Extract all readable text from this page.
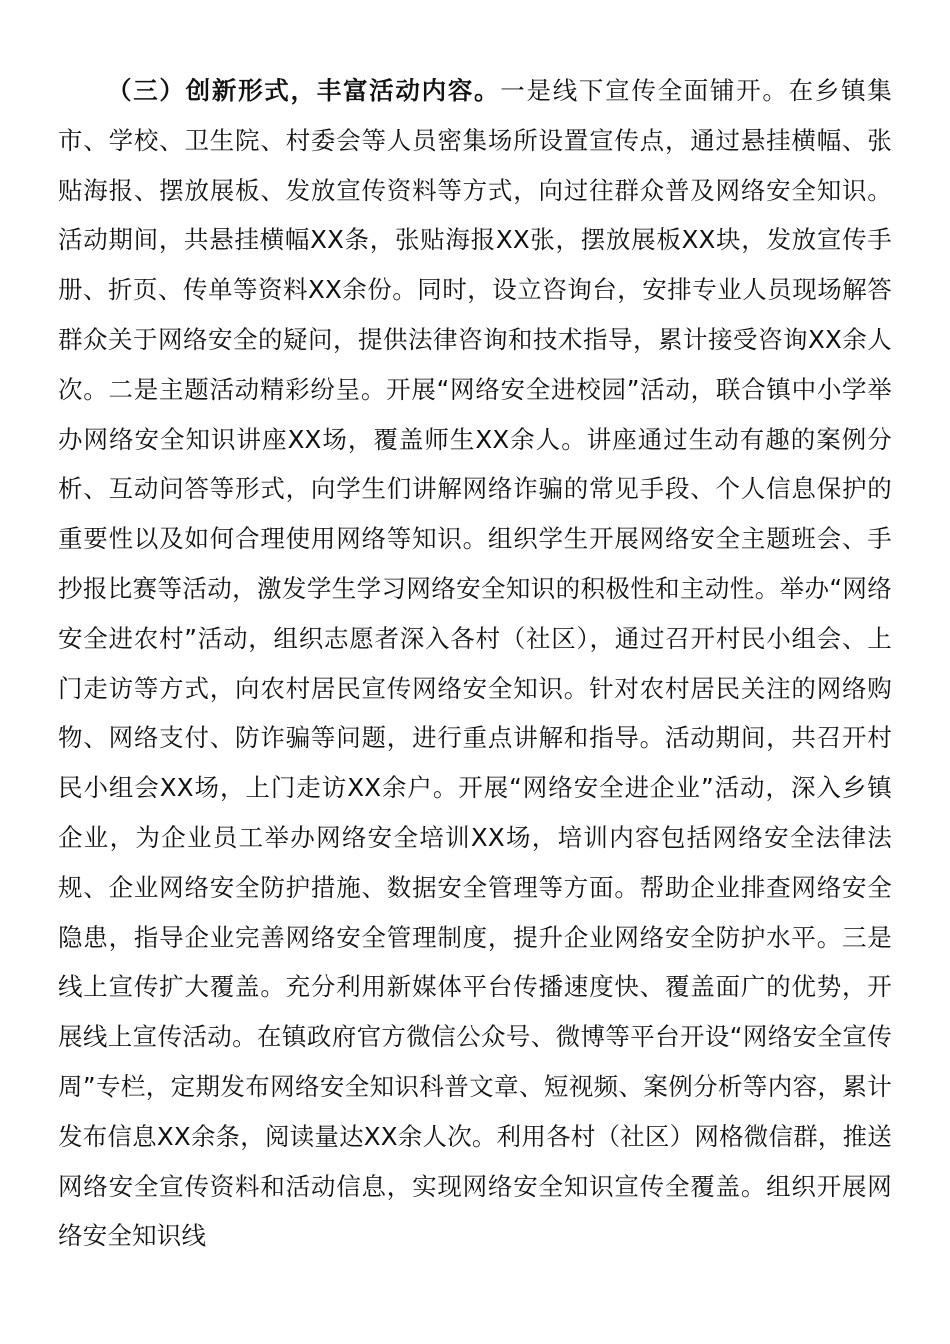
（三）创新形式，丰富活动内容。一是线下宣传全面铺开。在乡镇集市、学校、卫生院、村委会等人员密集场所设置宣传点，通过悬挂横幅、张贴海报、摆放展板、发放宣传资料等方式，向过往群众普及网络安全知识。活动期间，共悬挂横幅XX条，张贴海报XX张，摆放展板XX块，发放宣传手册、折页、传单等资料XX余份。同时，设立咨询台，安排专业人员现场解答群众关于网络安全的疑问，提供法律咨询和技术指导，累计接受咨询XX余人次。二是主题活动精彩纷呈。开展“网络安全进校园”活动，联合镇中小学举办网络安全知识讲座XX场，覆盖师生XX余人。讲座通过生动有趣的案例分析、互动问答等形式，向学生们讲解网络诈骗的常见手段、个人信息保护的重要性以及如何合理使用网络等知识。组织学生开展网络安全主题班会、手抄报比赛等活动，激发学生学习网络安全知识的积极性和主动性。举办“网络安全进农村”活动，组织志愿者深入各村（社区），通过召开村民小组会、上门走访等方式，向农村居民宣传网络安全知识。针对农村居民关注的网络购物、网络支付、防诈骗等问题，进行重点讲解和指导。活动期间，共召开村民小组会XX场，上门走访XX余户。开展“网络安全进企业”活动，深入乡镇企业，为企业员工举办网络安全培训XX场，培训内容包括网络安全法律法规、企业网络安全防护措施、数据安全管理等方面。帮助企业排查网络安全隐患，指导企业完善网络安全管理制度，提升企业网络安全防护水平。三是线上宣传扩大覆盖。充分利用新媒体平台传播速度快、覆盖面广的优势，开展线上宣传活动。在镇政府官方微信公众号、微博等平台开设“网络安全宣传周”专栏，定期发布网络安全知识科普文章、短视频、案例分析等内容，累计发布信息XX余条，阅读量达XX余人次。利用各村（社区）网格微信群，推送网络安全宣传资料和活动信息，实现网络安全知识宣传全覆盖。组织开展网络安全知识线
